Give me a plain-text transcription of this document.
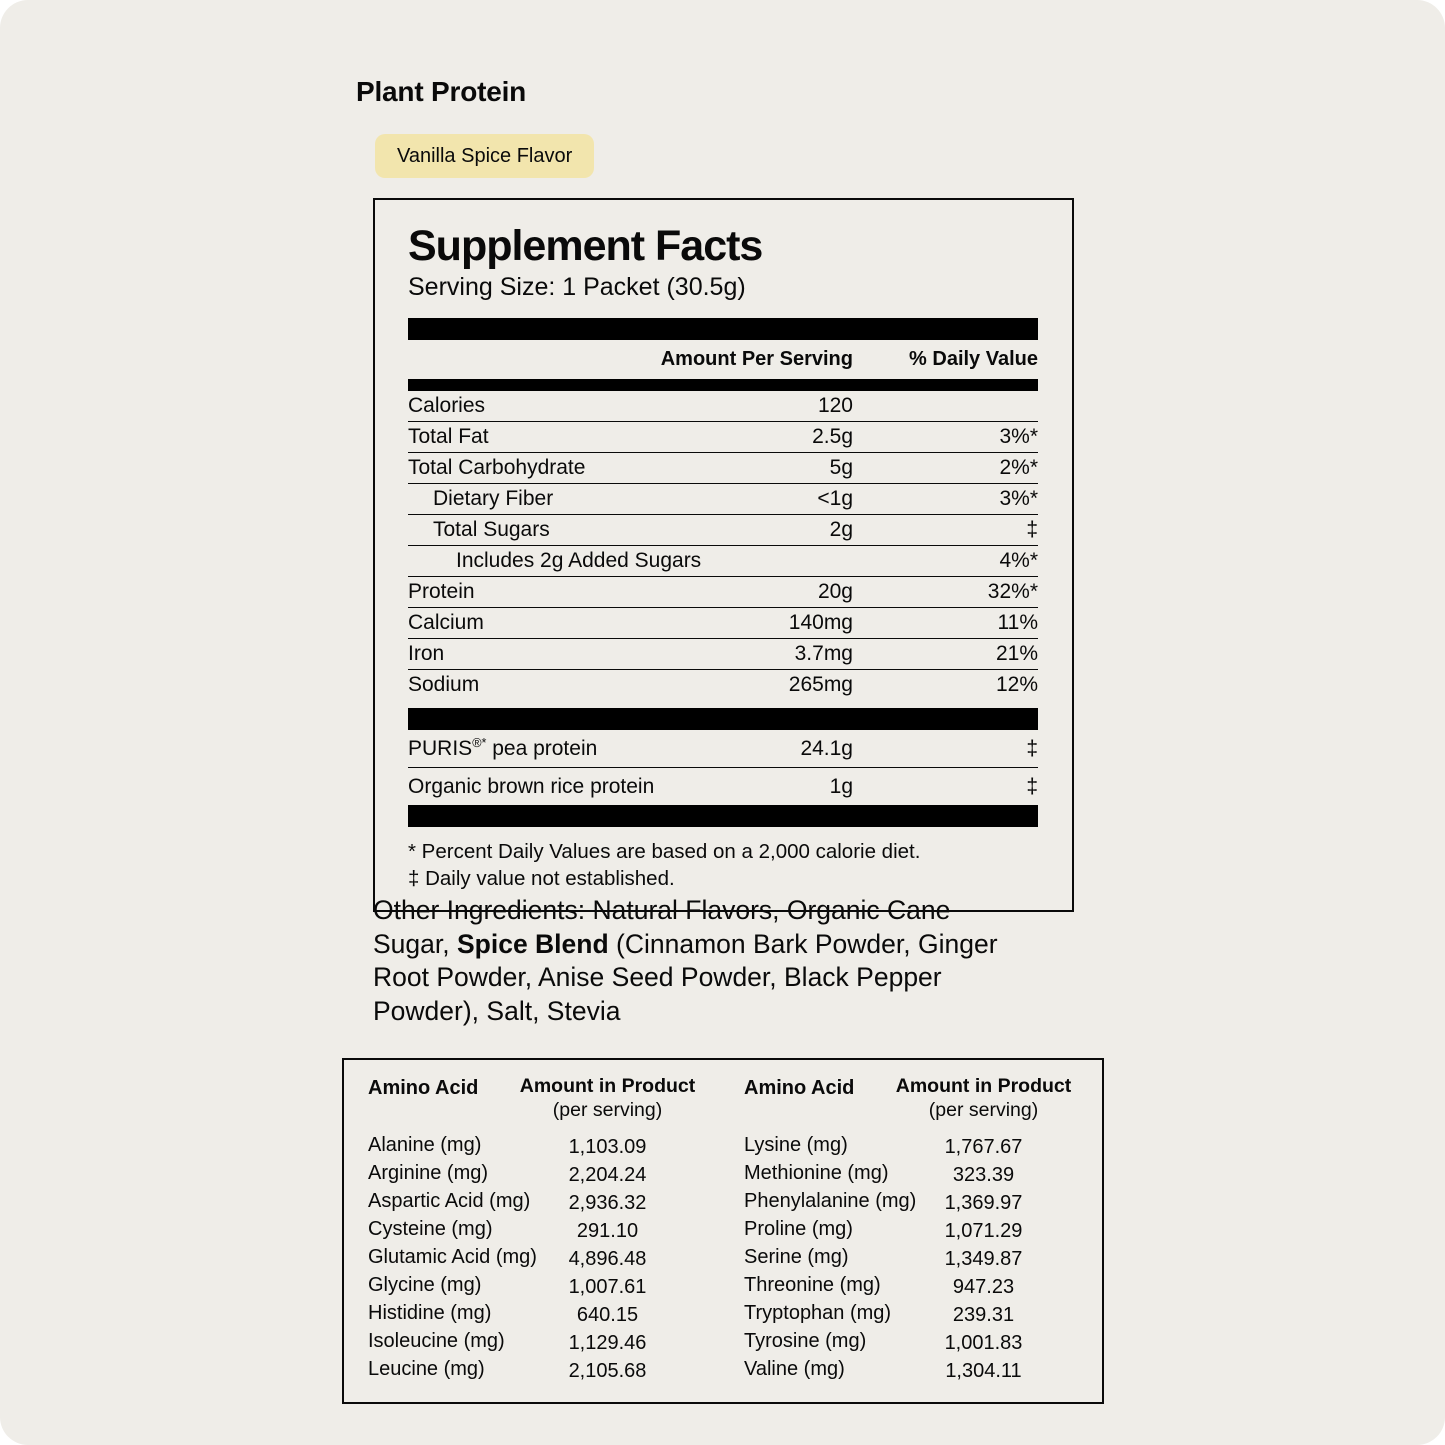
Plant Protein
Vanilla Spice Flavor
Supplement Facts
Serving Size: 1 Packet (30.5g)
Amount Per Serving	% Daily Value
Calories	120
Total Fat	2.5g	3%*
Total Carbohydrate	5g	2%*
Dietary Fiber	<1g	3%*
Total Sugars	2g	‡
Includes 2g Added Sugars	4%*
Protein	20g	32%*
Calcium	140mg	11%
Iron	3.7mg	21%
Sodium	265mg	12%
PURIS®* pea protein	24.1g	‡
Organic brown rice protein	1g	‡
* Percent Daily Values are based on a 2,000 calorie diet.
‡ Daily value not established.

Other Ingredients: Natural Flavors, Organic Cane Sugar, Spice Blend (Cinnamon Bark Powder, Ginger Root Powder, Anise Seed Powder, Black Pepper Powder), Salt, Stevia

Amino Acid	Amount in Product
(per serving)
Alanine (mg)	1,103.09
Arginine (mg)	2,204.24
Aspartic Acid (mg)	2,936.32
Cysteine (mg)	291.10
Glutamic Acid (mg)	4,896.48
Glycine (mg)	1,007.61
Histidine (mg)	640.15
Isoleucine (mg)	1,129.46
Leucine (mg)	2,105.68
Amino Acid	Amount in Product
(per serving)
Lysine (mg)	1,767.67
Methionine (mg)	323.39
Phenylalanine (mg)	1,369.97
Proline (mg)	1,071.29
Serine (mg)	1,349.87
Threonine (mg)	947.23
Tryptophan (mg)	239.31
Tyrosine (mg)	1,001.83
Valine (mg)	1,304.11
